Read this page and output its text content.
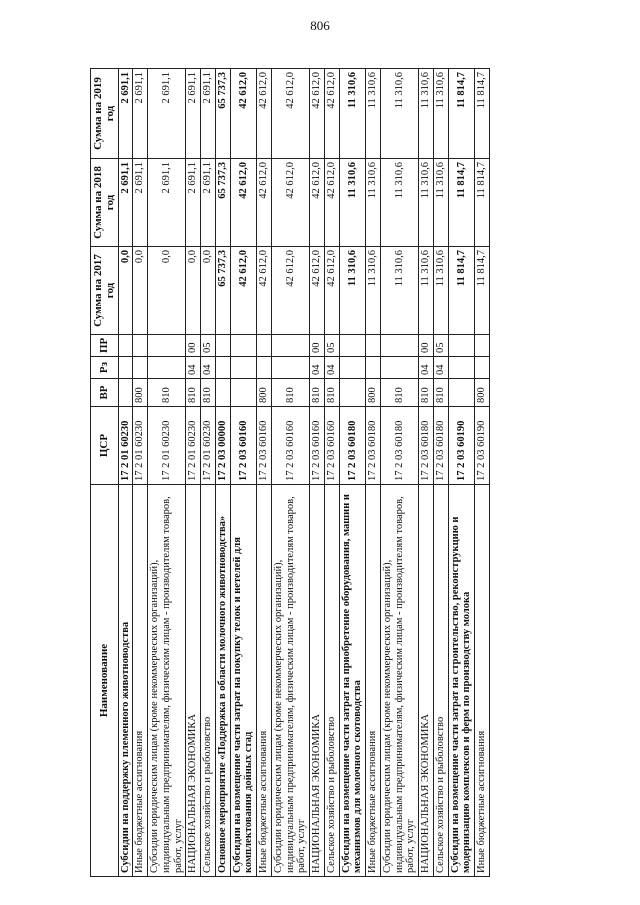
806
Наименование	ЦСР	ВР	Рз	ПР	Сумма на 2017 год	Сумма на 2018 год	Сумма на 2019 год
Субсидии на поддержку племенного животноводства	17 2 01 60230				0,0	2 691,1	2 691,1
Иные бюджетные ассигнования	17 2 01 60230	800			0,0	2 691,1	2 691,1
Субсидии юридическим лицам (кроме некоммерческих организаций), индивидуальным предпринимателям, физическим лицам - производителям товаров, работ, услуг	17 2 01 60230	810			0,0	2 691,1	2 691,1
НАЦИОНАЛЬНАЯ ЭКОНОМИКА	17 2 01 60230	810	04	00	0,0	2 691,1	2 691,1
Сельское хозяйство и рыболовство	17 2 01 60230	810	04	05	0,0	2 691,1	2 691,1
Основное мероприятие «Поддержка в области молочного животноводства»	17 2 03 00000				65 737,3	65 737,3	65 737,3
Субсидии на возмещение части затрат на покупку телок и нетелей для комплектования дойных стад	17 2 03 60160				42 612,0	42 612,0	42 612,0
Иные бюджетные ассигнования	17 2 03 60160	800			42 612,0	42 612,0	42 612,0
Субсидии юридическим лицам (кроме некоммерческих организаций), индивидуальным предпринимателям, физическим лицам - производителям товаров, работ, услуг	17 2 03 60160	810			42 612,0	42 612,0	42 612,0
НАЦИОНАЛЬНАЯ ЭКОНОМИКА	17 2 03 60160	810	04	00	42 612,0	42 612,0	42 612,0
Сельское хозяйство и рыболовство	17 2 03 60160	810	04	05	42 612,0	42 612,0	42 612,0
Субсидии на возмещение части затрат на приобретение оборудования, машин и механизмов для молочного скотоводства	17 2 03 60180				11 310,6	11 310,6	11 310,6
Иные бюджетные ассигнования	17 2 03 60180	800			11 310,6	11 310,6	11 310,6
Субсидии юридическим лицам (кроме некоммерческих организаций), индивидуальным предпринимателям, физическим лицам - производителям товаров, работ, услуг	17 2 03 60180	810			11 310,6	11 310,6	11 310,6
НАЦИОНАЛЬНАЯ ЭКОНОМИКА	17 2 03 60180	810	04	00	11 310,6	11 310,6	11 310,6
Сельское хозяйство и рыболовство	17 2 03 60180	810	04	05	11 310,6	11 310,6	11 310,6
Субсидии на возмещение части затрат на строительство, реконструкцию и модернизацию комплексов и ферм по производству молока	17 2 03 60190				11 814,7	11 814,7	11 814,7
Иные бюджетные ассигнования	17 2 03 60190	800			11 814,7	11 814,7	11 814,7
